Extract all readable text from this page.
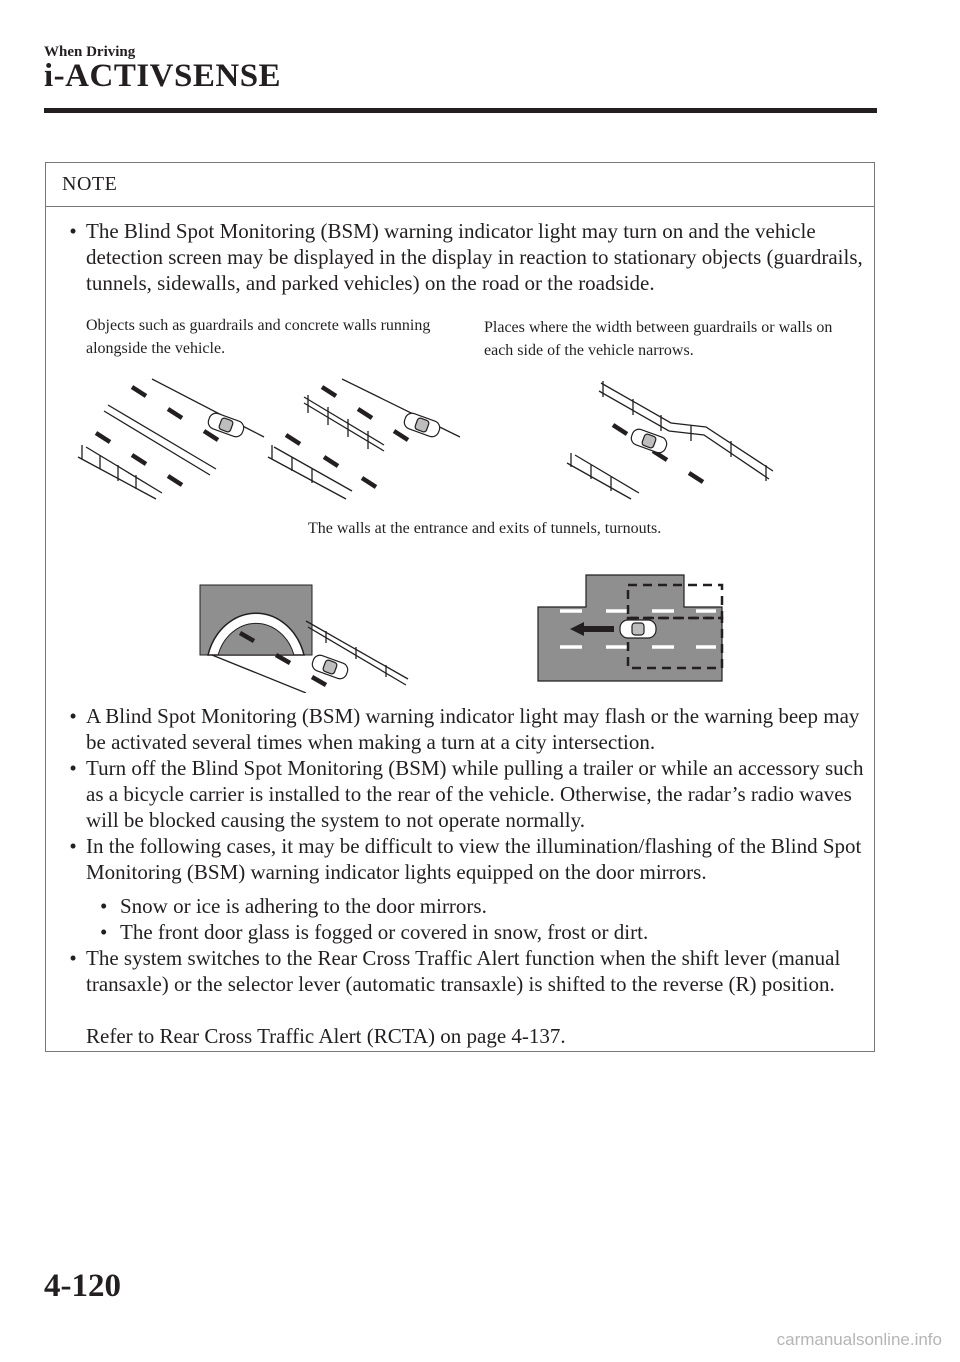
When Driving
i-ACTIVSENSE
NOTE
• The Blind Spot Monitoring (BSM) warning indicator light may turn on and the vehicle detection screen may be displayed in the display in reaction to stationary objects (guardrails, tunnels, sidewalls, and parked vehicles) on the road or the roadside.
Objects such as guardrails and concrete walls running alongside the vehicle.
Places where the width between guardrails or walls on each side of the vehicle narrows.
The walls at the entrance and exits of tunnels, turnouts.
• A Blind Spot Monitoring (BSM) warning indicator light may flash or the warning beep may be activated several times when making a turn at a city intersection.
• Turn off the Blind Spot Monitoring (BSM) while pulling a trailer or while an accessory such as a bicycle carrier is installed to the rear of the vehicle. Otherwise, the radar’s radio waves will be blocked causing the system to not operate normally.
• In the following cases, it may be difficult to view the illumination/flashing of the Blind Spot Monitoring (BSM) warning indicator lights equipped on the door mirrors.
• Snow or ice is adhering to the door mirrors.
• The front door glass is fogged or covered in snow, frost or dirt.
• The system switches to the Rear Cross Traffic Alert function when the shift lever (manual transaxle) or the selector lever (automatic transaxle) is shifted to the reverse (R) position.
Refer to Rear Cross Traffic Alert (RCTA) on page 4-137.
4-120
carmanualsonline.info
